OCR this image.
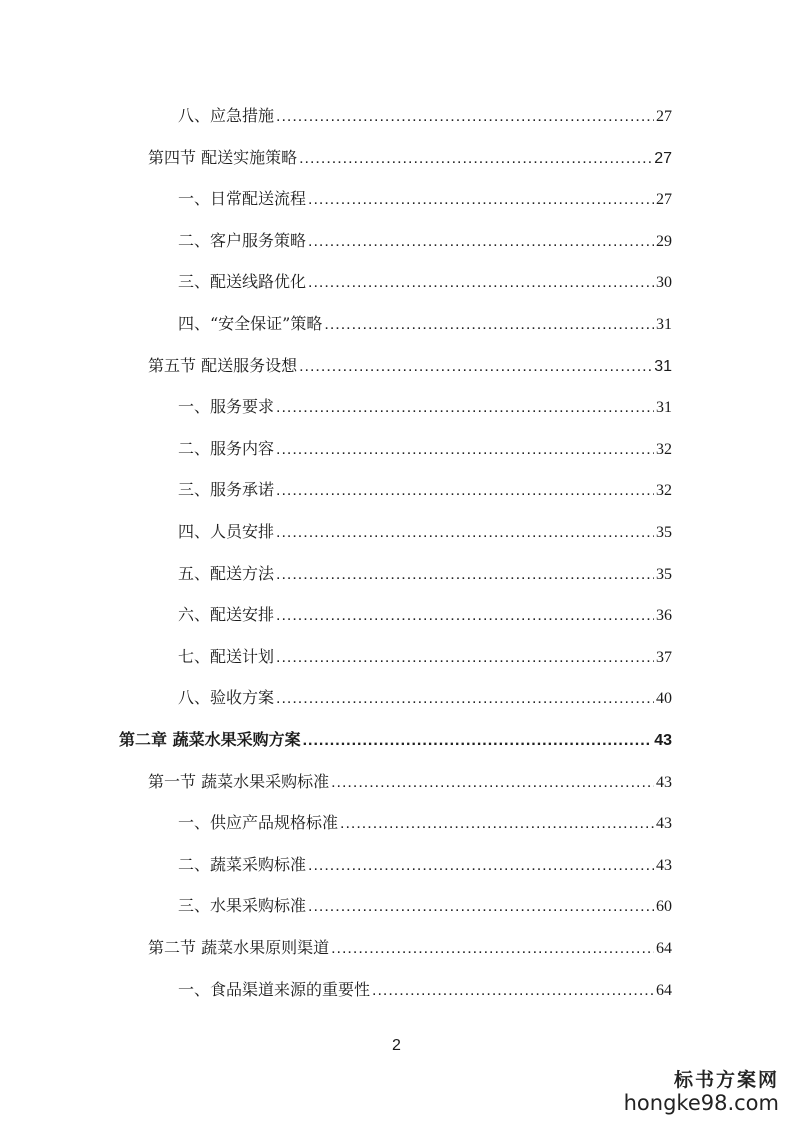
八、应急措施 .....	27
第四节 配送实施策略 .....	27
一、日常配送流程 .....	27
二、客户服务策略 .....	29
三、配送线路优化 .....	30
四、“安全保证”策略 .....	31
第五节 配送服务设想 .....	31
一、服务要求 .....	31
二、服务内容 .....	32
三、服务承诺 .....	32
四、人员安排 .....	35
五、配送方法 .....	35
六、配送安排 .....	36
七、配送计划 .....	37
八、验收方案 .....	40
第二章 蔬菜水果采购方案 .....	43
第一节 蔬菜水果采购标准 .....	43
一、供应产品规格标准 .....	43
二、蔬菜采购标准 .....	43
三、水果采购标准 .....	60
第二节 蔬菜水果原则渠道 .....	64
一、食品渠道来源的重要性 .....	64
2
标书方案网
hongke98.com
